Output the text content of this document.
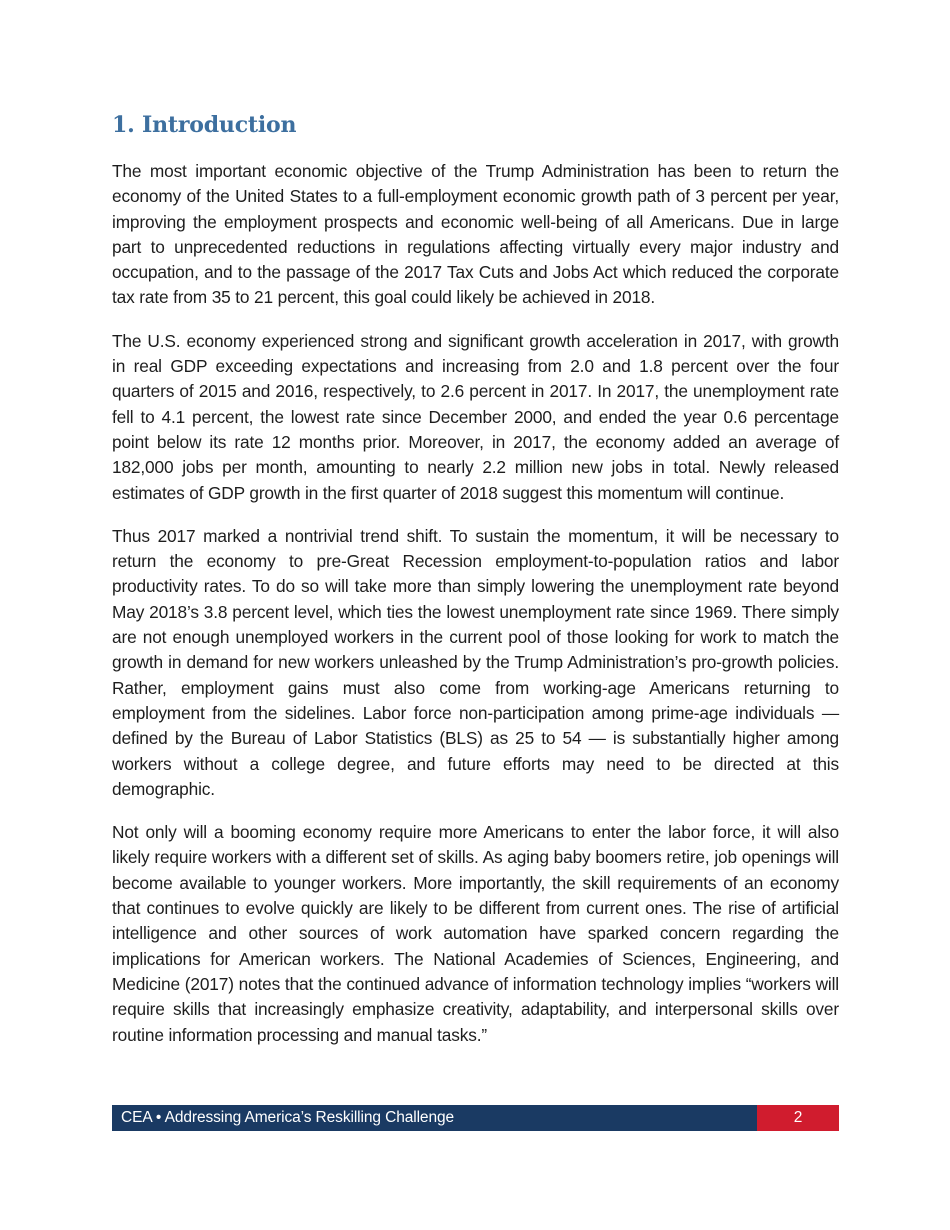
1. Introduction

The most important economic objective of the Trump Administration has been to return the economy of the United States to a full-employment economic growth path of 3 percent per year, improving the employment prospects and economic well-being of all Americans. Due in large part to unprecedented reductions in regulations affecting virtually every major industry and occupation, and to the passage of the 2017 Tax Cuts and Jobs Act which reduced the corporate tax rate from 35 to 21 percent, this goal could likely be achieved in 2018.

The U.S. economy experienced strong and significant growth acceleration in 2017, with growth in real GDP exceeding expectations and increasing from 2.0 and 1.8 percent over the four quarters of 2015 and 2016, respectively, to 2.6 percent in 2017. In 2017, the unemployment rate fell to 4.1 percent, the lowest rate since December 2000, and ended the year 0.6 percentage point below its rate 12 months prior. Moreover, in 2017, the economy added an average of 182,000 jobs per month, amounting to nearly 2.2 million new jobs in total. Newly released estimates of GDP growth in the first quarter of 2018 suggest this momentum will continue.

Thus 2017 marked a nontrivial trend shift. To sustain the momentum, it will be necessary to return the economy to pre-Great Recession employment-to-population ratios and labor productivity rates. To do so will take more than simply lowering the unemployment rate beyond May 2018’s 3.8 percent level, which ties the lowest unemployment rate since 1969. There simply are not enough unemployed workers in the current pool of those looking for work to match the growth in demand for new workers unleashed by the Trump Administration’s pro-growth policies. Rather, employment gains must also come from working-age Americans returning to employment from the sidelines. Labor force non-participation among prime-age individuals — defined by the Bureau of Labor Statistics (BLS) as 25 to 54 — is substantially higher among workers without a college degree, and future efforts may need to be directed at this demographic.

Not only will a booming economy require more Americans to enter the labor force, it will also likely require workers with a different set of skills. As aging baby boomers retire, job openings will become available to younger workers. More importantly, the skill requirements of an economy that continues to evolve quickly are likely to be different from current ones. The rise of artificial intelligence and other sources of work automation have sparked concern regarding the implications for American workers. The National Academies of Sciences, Engineering, and Medicine (2017) notes that the continued advance of information technology implies “workers will require skills that increasingly emphasize creativity, adaptability, and interpersonal skills over routine information processing and manual tasks.”

CEA • Addressing America’s Reskilling Challenge	2
